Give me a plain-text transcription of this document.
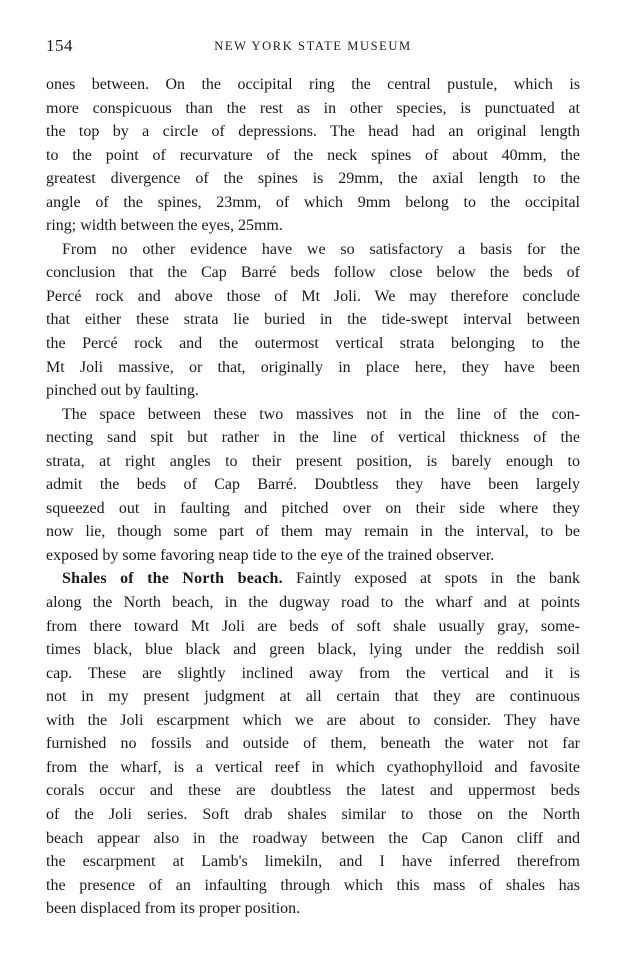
154	NEW YORK STATE MUSEUM
ones between. On the occipital ring the central pustule, which is
more conspicuous than the rest as in other species, is punctuated at
the top by a circle of depressions. The head had an original length
to the point of recurvature of the neck spines of about 40mm, the
greatest divergence of the spines is 29mm, the axial length to the
angle of the spines, 23mm, of which 9mm belong to the occipital
ring; width between the eyes, 25mm.
From no other evidence have we so satisfactory a basis for the
conclusion that the Cap Barré beds follow close below the beds of
Percé rock and above those of Mt Joli. We may therefore conclude
that either these strata lie buried in the tide-swept interval between
the Percé rock and the outermost vertical strata belonging to the
Mt Joli massive, or that, originally in place here, they have been
pinched out by faulting.
The space between these two massives not in the line of the con-
necting sand spit but rather in the line of vertical thickness of the
strata, at right angles to their present position, is barely enough to
admit the beds of Cap Barré. Doubtless they have been largely
squeezed out in faulting and pitched over on their side where they
now lie, though some part of them may remain in the interval, to be
exposed by some favoring neap tide to the eye of the trained observer.
Shales of the North beach. Faintly exposed at spots in the bank
along the North beach, in the dugway road to the wharf and at points
from there toward Mt Joli are beds of soft shale usually gray, some-
times black, blue black and green black, lying under the reddish soil
cap. These are slightly inclined away from the vertical and it is
not in my present judgment at all certain that they are continuous
with the Joli escarpment which we are about to consider. They have
furnished no fossils and outside of them, beneath the water not far
from the wharf, is a vertical reef in which cyathophylloid and favosite
corals occur and these are doubtless the latest and uppermost beds
of the Joli series. Soft drab shales similar to those on the North
beach appear also in the roadway between the Cap Canon cliff and
the escarpment at Lamb's limekiln, and I have inferred therefrom
the presence of an infaulting through which this mass of shales has
been displaced from its proper position.
